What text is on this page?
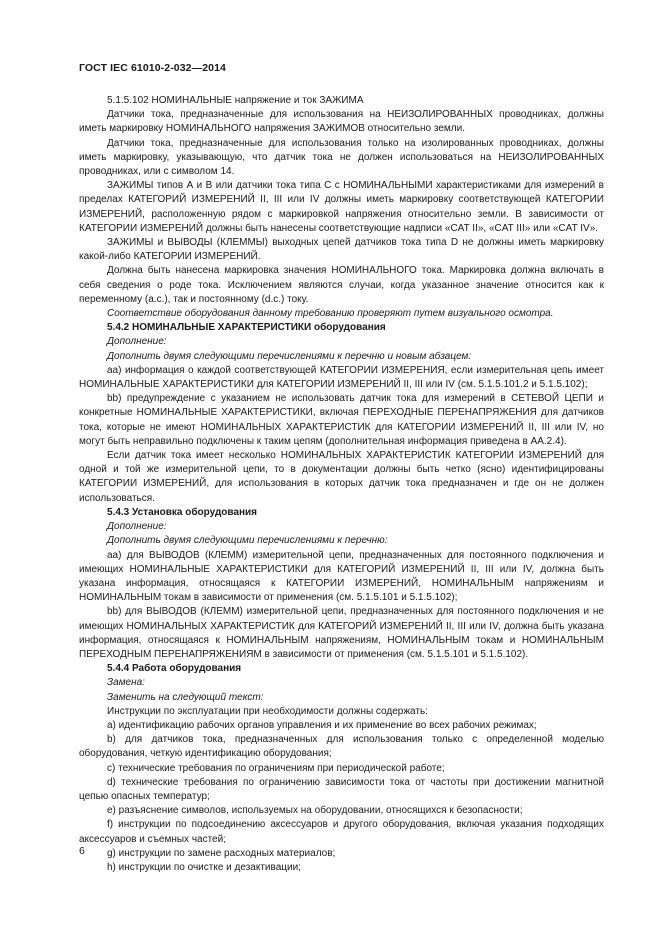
ГОСТ IEC 61010-2-032—2014

5.1.5.102 НОМИНАЛЬНЫЕ напряжение и ток ЗАЖИМА

Датчики тока, предназначенные для использования на НЕИЗОЛИРОВАННЫХ проводниках, должны иметь маркировку НОМИНАЛЬНОГО напряжения ЗАЖИМОВ относительно земли.

Датчики тока, предназначенные для использования только на изолированных проводниках, должны иметь маркировку, указывающую, что датчик тока не должен использоваться на НЕИЗОЛИРОВАННЫХ проводниках, или с символом 14.

ЗАЖИМЫ типов А и В или датчики тока типа С с НОМИНАЛЬНЫМИ характеристиками для измерений в пределах КАТЕГОРИЙ ИЗМЕРЕНИЙ II, III или IV должны иметь маркировку соответствующей КАТЕГОРИИ ИЗМЕРЕНИЙ, расположенную рядом с маркировкой напряжения относительно земли. В зависимости от КАТЕГОРИИ ИЗМЕРЕНИЙ должны быть нанесены соответствующие надписи «CAT II», «CAT III» или «CAT IV».

ЗАЖИМЫ и ВЫВОДЫ (КЛЕММЫ) выходных цепей датчиков тока типа D не должны иметь маркировку какой-либо КАТЕГОРИИ ИЗМЕРЕНИЙ.

Должна быть нанесена маркировка значения НОМИНАЛЬНОГО тока. Маркировка должна включать в себя сведения о роде тока. Исключением являются случаи, когда указанное значение относится как к переменному (a.c.), так и постоянному (d.c.) току.

Соответствие оборудования данному требованию проверяют путем визуального осмотра.

5.4.2 НОМИНАЛЬНЫЕ ХАРАКТЕРИСТИКИ оборудования

Дополнение:

Дополнить двумя следующими перечислениями к перечню и новым абзацем:

aa) информация о каждой соответствующей КАТЕГОРИИ ИЗМЕРЕНИЯ, если измерительная цепь имеет НОМИНАЛЬНЫЕ ХАРАКТЕРИСТИКИ для КАТЕГОРИИ ИЗМЕРЕНИЙ II, III или IV (см. 5.1.5.101.2 и 5.1.5.102);

bb) предупреждение с указанием не использовать датчик тока для измерений в СЕТЕВОЙ ЦЕПИ и конкретные НОМИНАЛЬНЫЕ ХАРАКТЕРИСТИКИ, включая ПЕРЕХОДНЫЕ ПЕРЕНАПРЯЖЕНИЯ для датчиков тока, которые не имеют НОМИНАЛЬНЫХ ХАРАКТЕРИСТИК для КАТЕГОРИИ ИЗМЕРЕНИЙ II, III или IV, но могут быть неправильно подключены к таким цепям (дополнительная информация приведена в АА.2.4).

Если датчик тока имеет несколько НОМИНАЛЬНЫХ ХАРАКТЕРИСТИК КАТЕГОРИИ ИЗМЕРЕНИЙ для одной и той же измерительной цепи, то в документации должны быть четко (ясно) идентифицированы КАТЕГОРИИ ИЗМЕРЕНИЙ, для использования в которых датчик тока предназначен и где он не должен использоваться.

5.4.3 Установка оборудования

Дополнение:

Дополнить двумя следующими перечислениями к перечню:

aa) для ВЫВОДОВ (КЛЕММ) измерительной цепи, предназначенных для постоянного подключения и имеющих НОМИНАЛЬНЫЕ ХАРАКТЕРИСТИКИ для КАТЕГОРИЙ ИЗМЕРЕНИЙ II, III или IV, должна быть указана информация, относящаяся к КАТЕГОРИИ ИЗМЕРЕНИЙ, НОМИНАЛЬНЫМ напряжениям и НОМИНАЛЬНЫМ токам в зависимости от применения (см. 5.1.5.101 и 5.1.5.102);

bb) для ВЫВОДОВ (КЛЕММ) измерительной цепи, предназначенных для постоянного подключения и не имеющих НОМИНАЛЬНЫХ ХАРАКТЕРИСТИК для КАТЕГОРИЙ ИЗМЕРЕНИЙ II, III или IV, должна быть указана информация, относящаяся к НОМИНАЛЬНЫМ напряжениям, НОМИНАЛЬНЫМ токам и НОМИНАЛЬНЫМ ПЕРЕХОДНЫМ ПЕРЕНАПРЯЖЕНИЯМ в зависимости от применения (см. 5.1.5.101 и 5.1.5.102).

5.4.4 Работа оборудования

Замена:

Заменить на следующий текст:

Инструкции по эксплуатации при необходимости должны содержать:

a) идентификацию рабочих органов управления и их применение во всех рабочих режимах;

b) для датчиков тока, предназначенных для использования только с определенной моделью оборудования, четкую идентификацию оборудования;

c) технические требования по ограничениям при периодической работе;

d) технические требования по ограничению зависимости тока от частоты при достижении магнитной цепью опасных температур;

e) разъяснение символов, используемых на оборудовании, относящихся к безопасности;

f) инструкции по подсоединению аксессуаров и другого оборудования, включая указания подходящих аксессуаров и съемных частей;

g) инструкции по замене расходных материалов;

h) инструкции по очистке и дезактивации;

6
